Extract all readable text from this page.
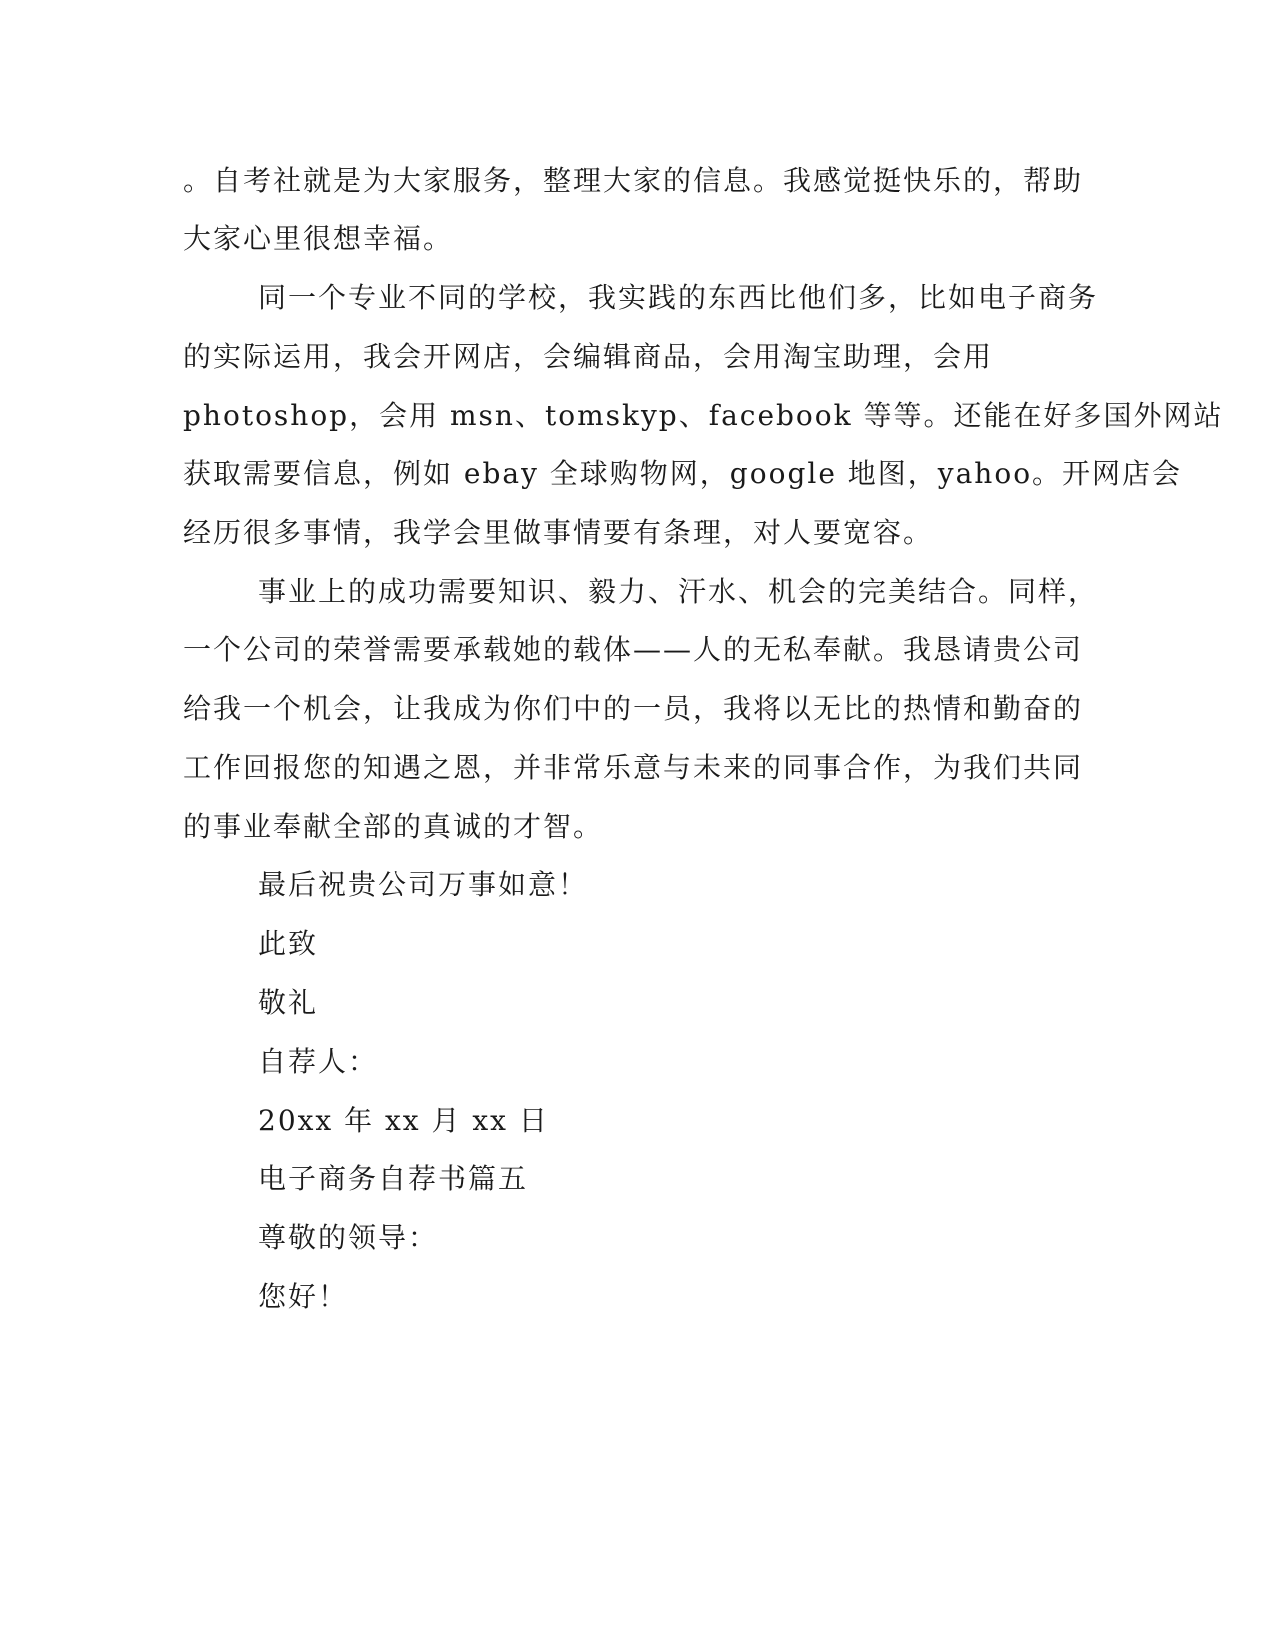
。自考社就是为大家服务，整理大家的信息。我感觉挺快乐的，帮助
大家心里很想幸福。
同一个专业不同的学校，我实践的东西比他们多，比如电子商务
的实际运用，我会开网店，会编辑商品，会用淘宝助理，会用
photoshop，会用 msn、tomskyp、facebook 等等。还能在好多国外网站
获取需要信息，例如 ebay 全球购物网，google 地图，yahoo。开网店会
经历很多事情，我学会里做事情要有条理，对人要宽容。
事业上的成功需要知识、毅力、汗水、机会的完美结合。同样，
一个公司的荣誉需要承载她的载体——人的无私奉献。我恳请贵公司
给我一个机会，让我成为你们中的一员，我将以无比的热情和勤奋的
工作回报您的知遇之恩，并非常乐意与未来的同事合作，为我们共同
的事业奉献全部的真诚的才智。
最后祝贵公司万事如意！
此致
敬礼
自荐人：
20xx 年 xx 月 xx 日
电子商务自荐书篇五
尊敬的领导：
您好！
